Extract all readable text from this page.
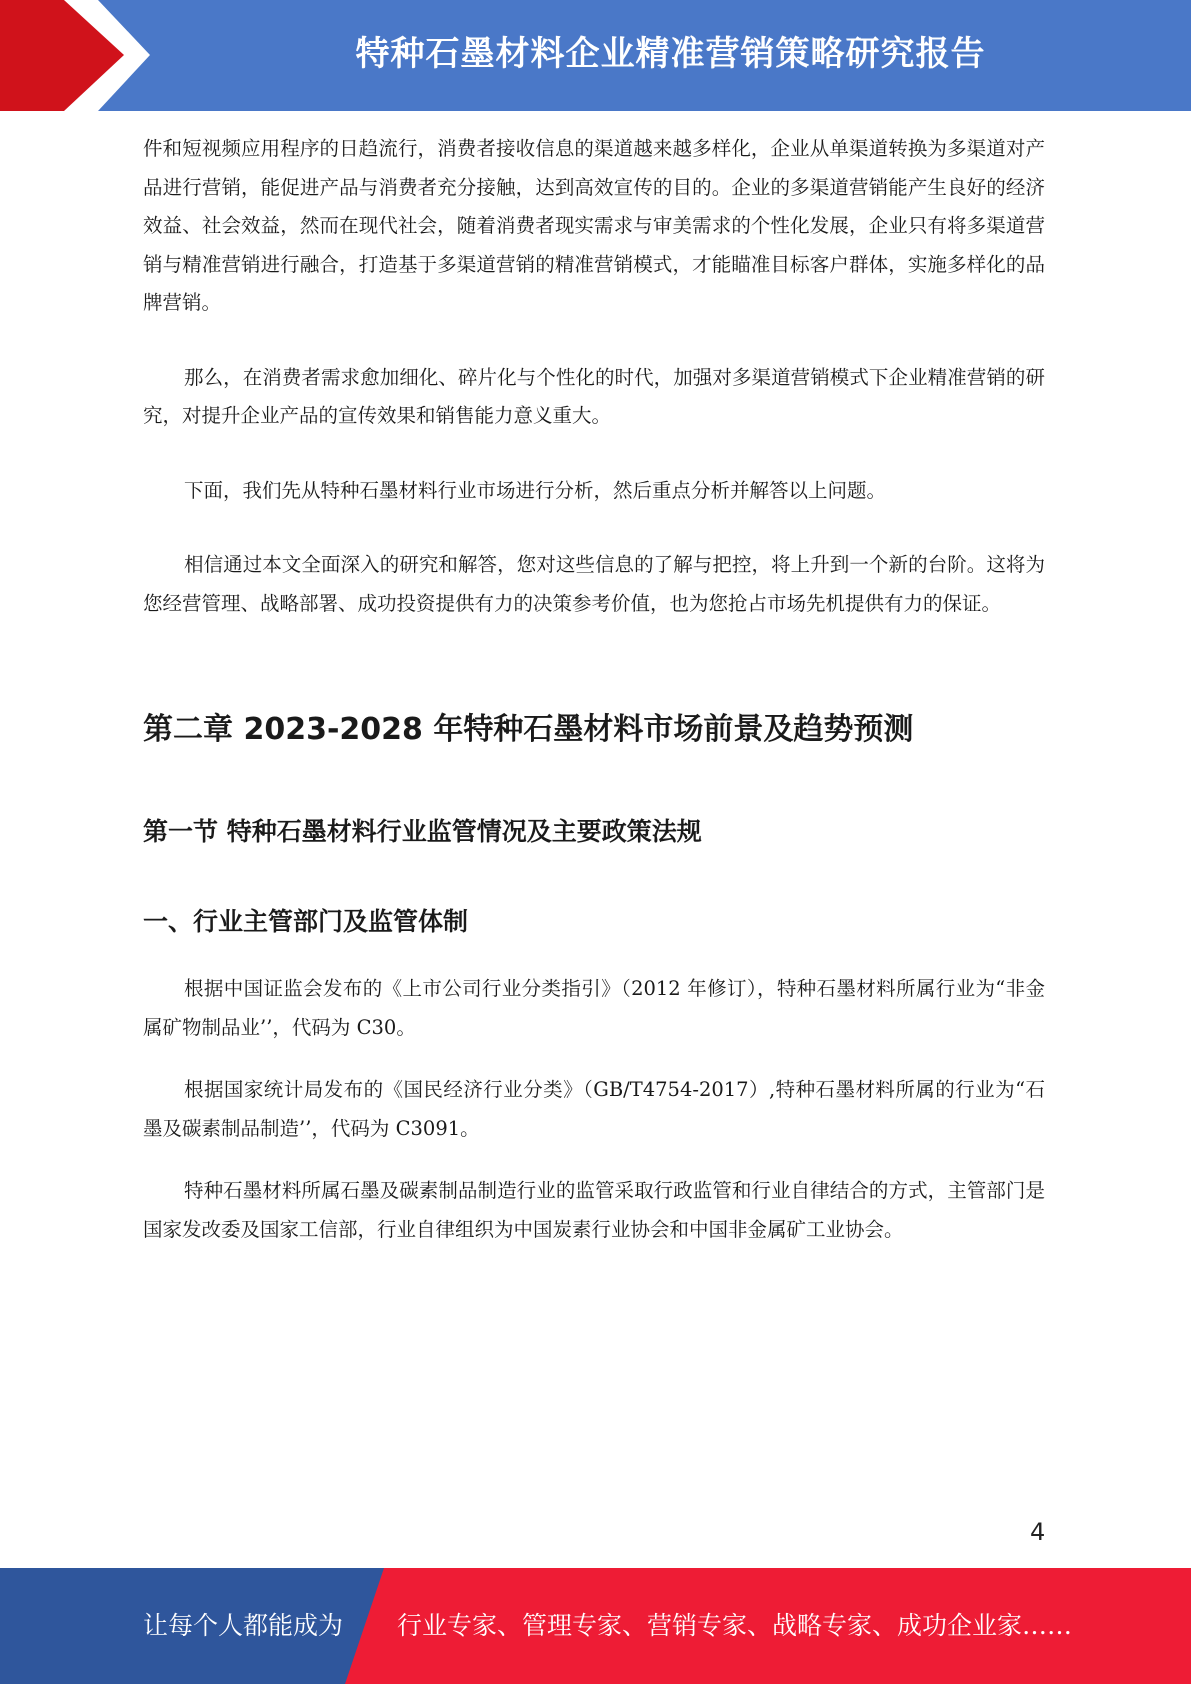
特种石墨材料企业精准营销策略研究报告

件和短视频应用程序的日趋流行，消费者接收信息的渠道越来越多样化，企业从单渠道转换为多渠道对产品进行营销，能促进产品与消费者充分接触，达到高效宣传的目的。企业的多渠道营销能产生良好的经济效益、社会效益，然而在现代社会，随着消费者现实需求与审美需求的个性化发展，企业只有将多渠道营销与精准营销进行融合，打造基于多渠道营销的精准营销模式，才能瞄准目标客户群体，实施多样化的品牌营销。

那么，在消费者需求愈加细化、碎片化与个性化的时代，加强对多渠道营销模式下企业精准营销的研究，对提升企业产品的宣传效果和销售能力意义重大。

下面，我们先从特种石墨材料行业市场进行分析，然后重点分析并解答以上问题。

相信通过本文全面深入的研究和解答，您对这些信息的了解与把控，将上升到一个新的台阶。这将为您经营管理、战略部署、成功投资提供有力的决策参考价值，也为您抢占市场先机提供有力的保证。

第二章 2023-2028 年特种石墨材料市场前景及趋势预测
第一节 特种石墨材料行业监管情况及主要政策法规
一、行业主管部门及监管体制

根据中国证监会发布的《上市公司行业分类指引》（2012 年修订），特种石墨材料所属行业为“非金属矿物制品业’’，代码为 C30。

根据国家统计局发布的《国民经济行业分类》（GB/T4754-2017）,特种石墨材料所属的行业为“石墨及碳素制品制造’’，代码为 C3091。

特种石墨材料所属石墨及碳素制品制造行业的监管采取行政监管和行业自律结合的方式，主管部门是国家发改委及国家工信部，行业自律组织为中国炭素行业协会和中国非金属矿工业协会。

4
让每个人都能成为 行业专家、管理专家、营销专家、战略专家、成功企业家……
